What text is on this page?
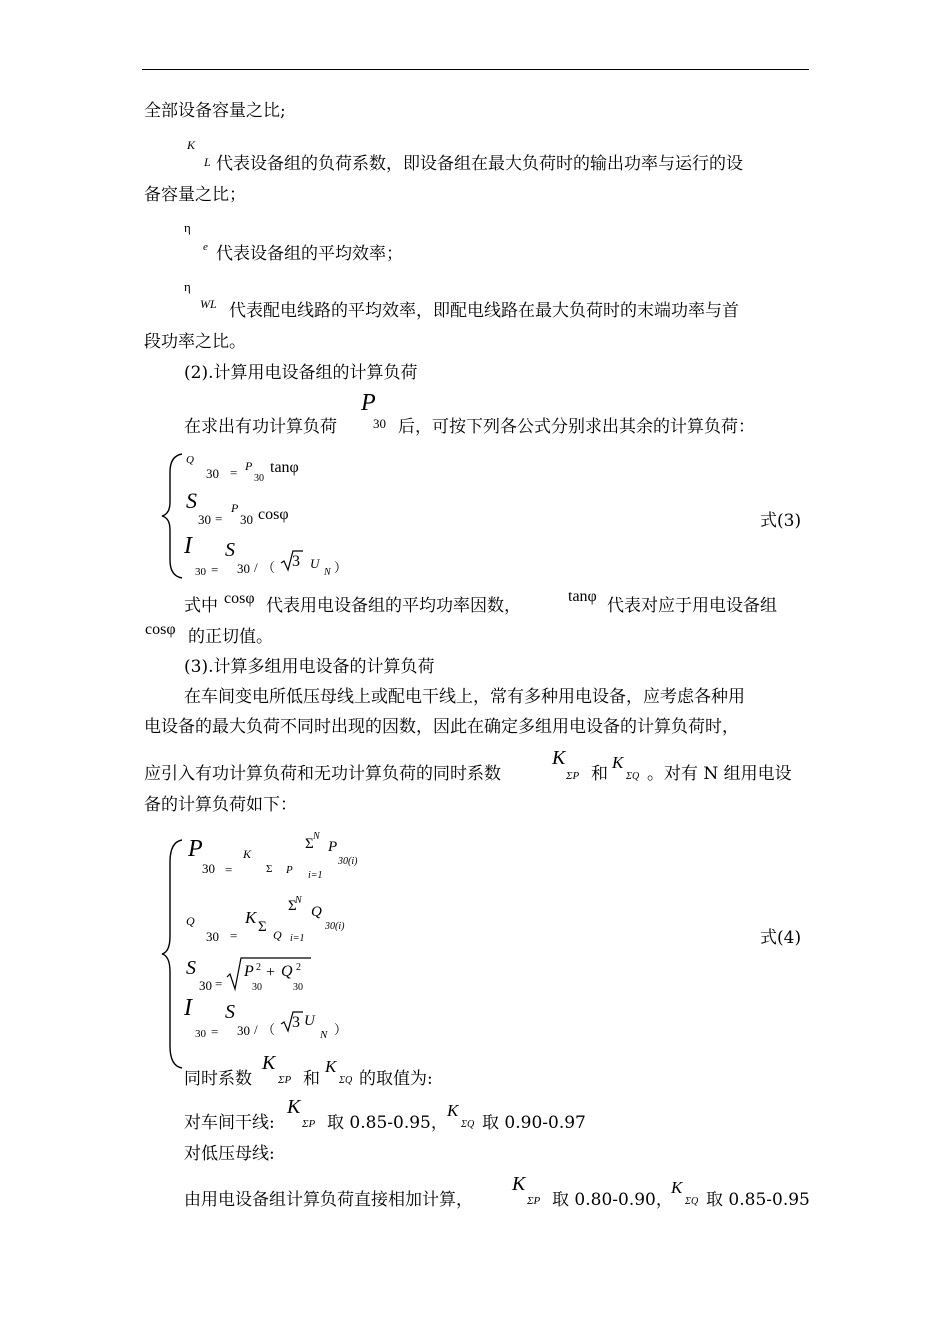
全部设备容量之比;
K
L 代表设备组的负荷系数，即设备组在最大负荷时的输出功率与运行的设
备容量之比；
η
e 代表设备组的平均效率；
η
WL 代表配电线路的平均效率，即配电线路在最大负荷时的末端功率与首
段功率之比。
(2).计算用电设备组的计算负荷
在求出有功计算负荷
P
30 后，可按下列各公式分别求出其余的计算负荷：
Q
30 = P
30
tanφ
S
30 =
P
30 cosφ
I
30 =
S
30 / （ 3 U
N ）
式(3)
式中 cosφ 代表用电设备组的平均功率因数，	tanφ 代表对应于用电设备组
cosφ 的正切值。
(3).计算多组用电设备的计算负荷
在车间变电所低压母线上或配电干线上，常有多种用电设备，应考虑各种用
电设备的最大负荷不同时出现的因数，因此在确定多组用电设备的计算负荷时，
应引入有功计算负荷和无功计算负荷的同时系数
K
ΣP 和
K
ΣQ 。对有 N 组用电设
备的计算负荷如下：
P
30 =
K
Σ P
Σ N
i=1
P
30(i)
Q
30 =
K Σ Q
Σ
N
i=1
Q
30(i)
S
30 =
P 2
30
+ Q 2
30
I
30 =
S
30 / （ 3 U
N ）
式(4)
同时系数
K
ΣP 和
K
ΣQ 的取值为:
对车间干线:
K
ΣP 取 0.85-0.95，
K
ΣQ 取 0.90-0.97
对低压母线:
由用电设备组计算负荷直接相加计算，
K
ΣP 取 0.80-0.90，
K
ΣQ 取 0.85-0.95
